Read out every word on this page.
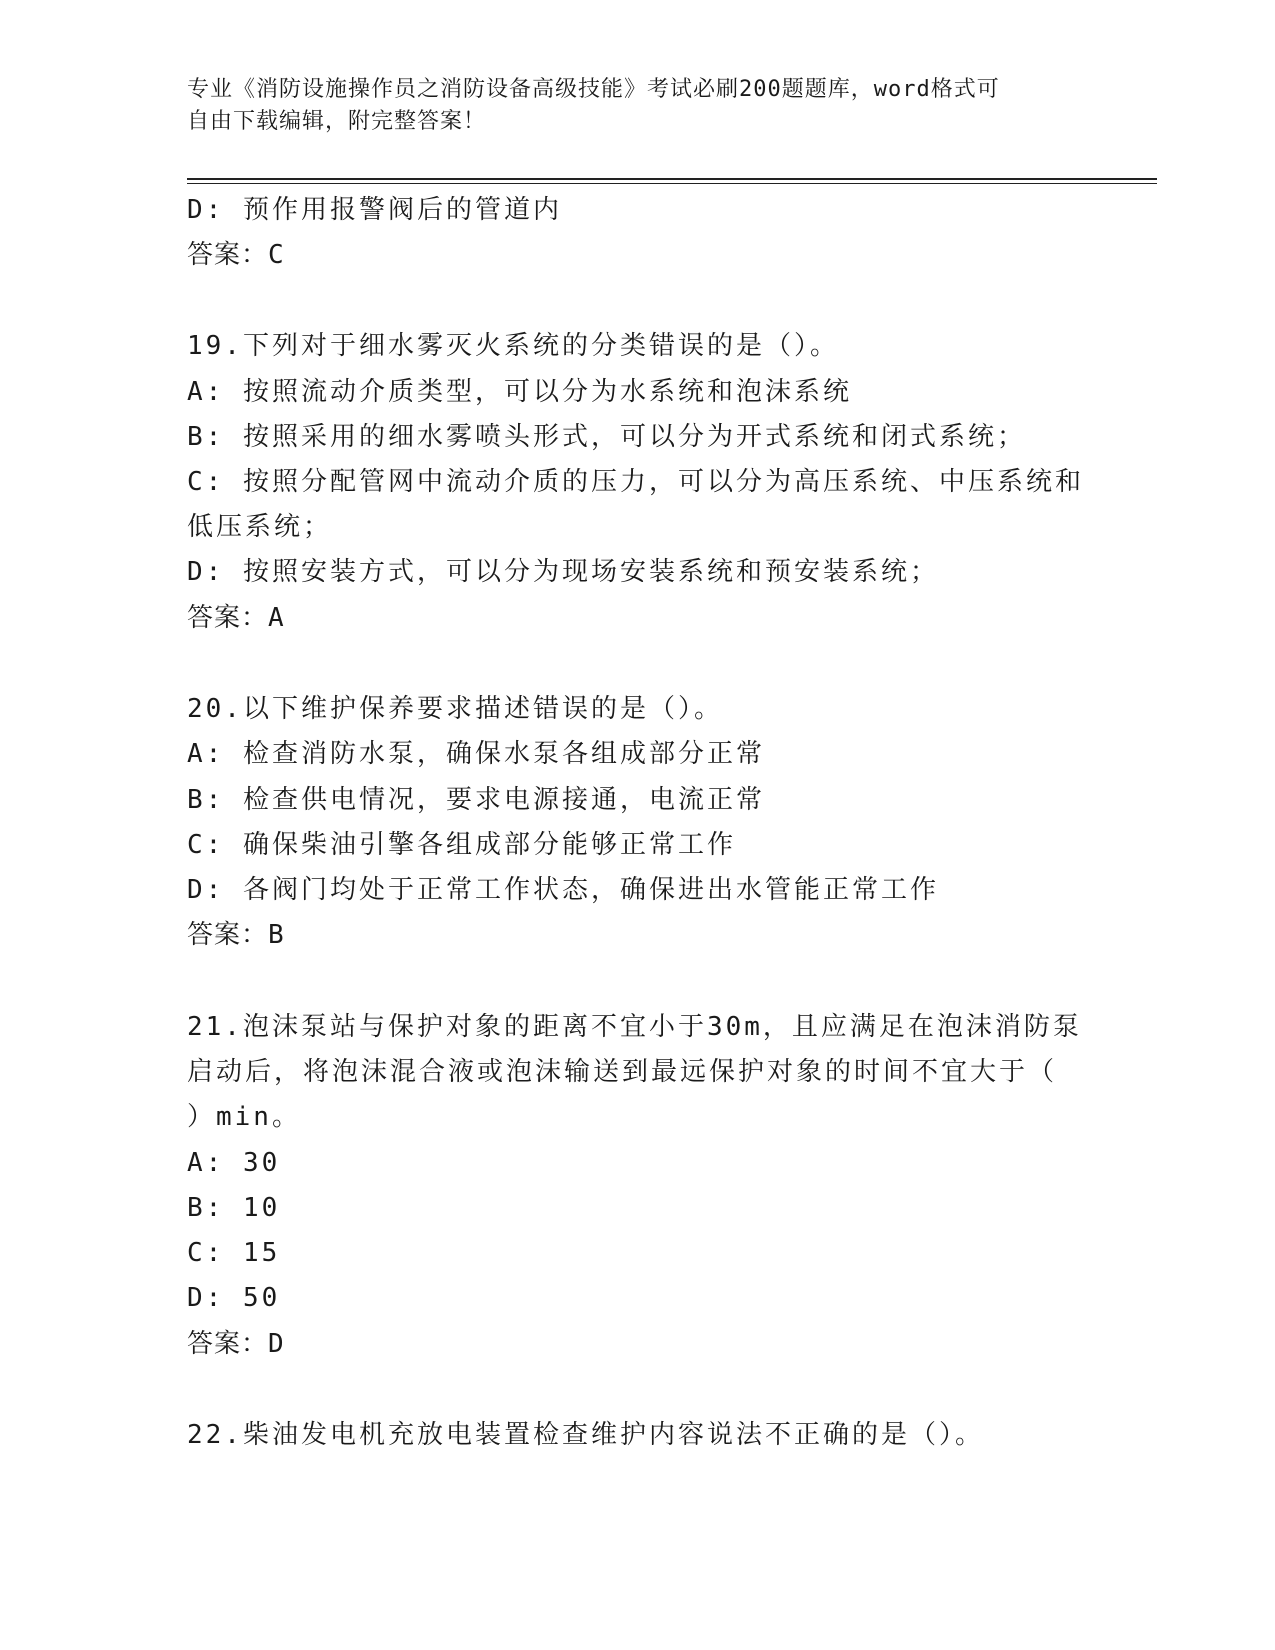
专业《消防设施操作员之消防设备高级技能》考试必刷200题题库，word格式可
自由下载编辑，附完整答案！
D: 预作用报警阀后的管道内
答案：C
19.下列对于细水雾灭火系统的分类错误的是（）。
A: 按照流动介质类型，可以分为水系统和泡沫系统
B: 按照采用的细水雾喷头形式，可以分为开式系统和闭式系统；
C: 按照分配管网中流动介质的压力，可以分为高压系统、中压系统和
低压系统；
D: 按照安装方式，可以分为现场安装系统和预安装系统；
答案：A
20.以下维护保养要求描述错误的是（）。
A: 检查消防水泵，确保水泵各组成部分正常
B: 检查供电情况，要求电源接通，电流正常
C: 确保柴油引擎各组成部分能够正常工作
D: 各阀门均处于正常工作状态，确保进出水管能正常工作
答案：B
21.泡沫泵站与保护对象的距离不宜小于30m，且应满足在泡沫消防泵
启动后，将泡沫混合液或泡沫输送到最远保护对象的时间不宜大于（
）min。
A: 30
B: 10
C: 15
D: 50
答案：D
22.柴油发电机充放电装置检查维护内容说法不正确的是（）。
